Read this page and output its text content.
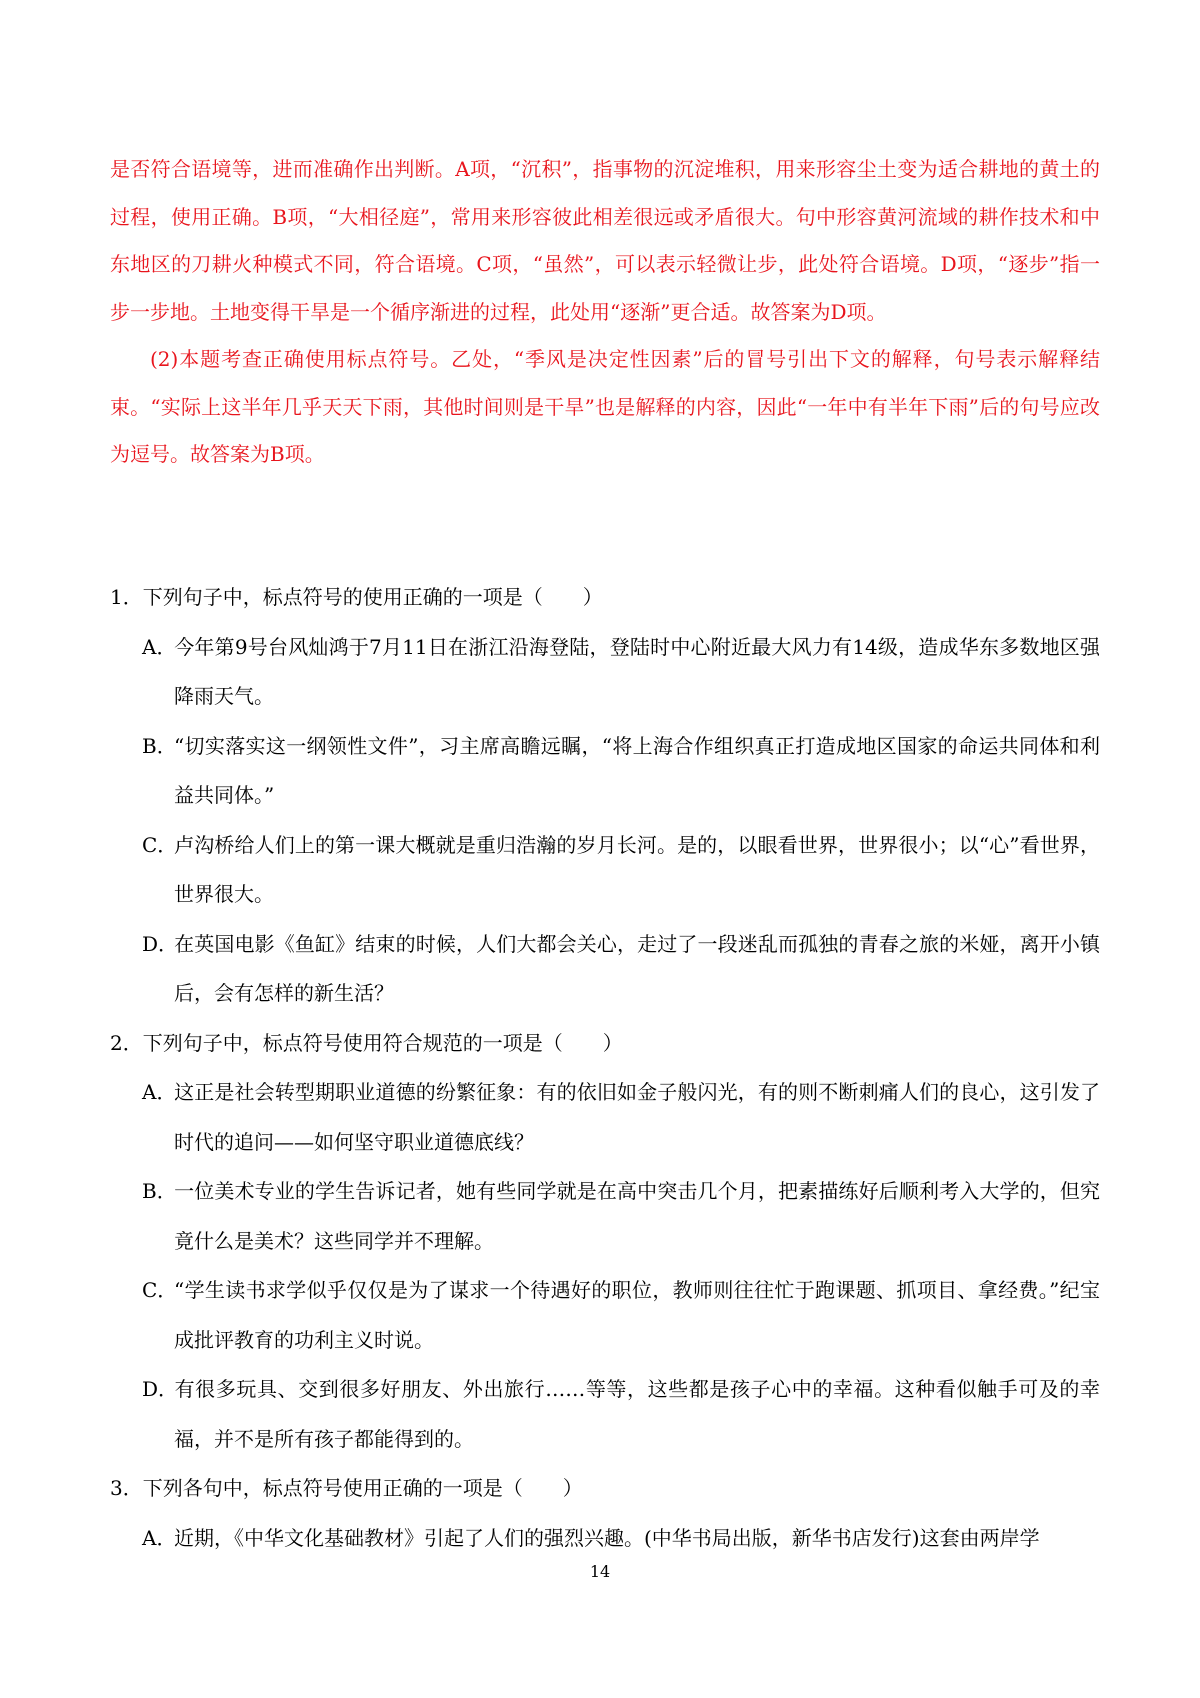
是否符合语境等，进而准确作出判断。A项，“沉积”，指事物的沉淀堆积，用来形容尘土变为适合耕地的黄土的过程，使用正确。B项，“大相径庭”，常用来形容彼此相差很远或矛盾很大。句中形容黄河流域的耕作技术和中东地区的刀耕火种模式不同，符合语境。C项，“虽然”，可以表示轻微让步，此处符合语境。D项，“逐步”指一步一步地。土地变得干旱是一个循序渐进的过程，此处用“逐渐”更合适。故答案为D项。

(2)本题考查正确使用标点符号。乙处，“季风是决定性因素”后的冒号引出下文的解释，句号表示解释结束。“实际上这半年几乎天天下雨，其他时间则是干旱”也是解释的内容，因此“一年中有半年下雨”后的句号应改为逗号。故答案为B项。

1．下列句子中，标点符号的使用正确的一项是（　　）

A．今年第9号台风灿鸿于7月11日在浙江沿海登陆，登陆时中心附近最大风力有14级，造成华东多数地区强降雨天气。

B．“切实落实这一纲领性文件”，习主席高瞻远瞩，“将上海合作组织真正打造成地区国家的命运共同体和利益共同体。”

C．卢沟桥给人们上的第一课大概就是重归浩瀚的岁月长河。是的，以眼看世界，世界很小；以“心”看世界，世界很大。

D．在英国电影《鱼缸》结束的时候，人们大都会关心，走过了一段迷乱而孤独的青春之旅的米娅，离开小镇后，会有怎样的新生活？

2．下列句子中，标点符号使用符合规范的一项是（　　）

A．这正是社会转型期职业道德的纷繁征象：有的依旧如金子般闪光，有的则不断刺痛人们的良心，这引发了时代的追问——如何坚守职业道德底线？

B．一位美术专业的学生告诉记者，她有些同学就是在高中突击几个月，把素描练好后顺利考入大学的，但究竟什么是美术？这些同学并不理解。

C．“学生读书求学似乎仅仅是为了谋求一个待遇好的职位，教师则往往忙于跑课题、抓项目、拿经费。”纪宝成批评教育的功利主义时说。

D．有很多玩具、交到很多好朋友、外出旅行……等等，这些都是孩子心中的幸福。这种看似触手可及的幸福，并不是所有孩子都能得到的。

3．下列各句中，标点符号使用正确的一项是（　　）

A．近期，《中华文化基础教材》引起了人们的强烈兴趣。(中华书局出版，新华书店发行)这套由两岸学

14
